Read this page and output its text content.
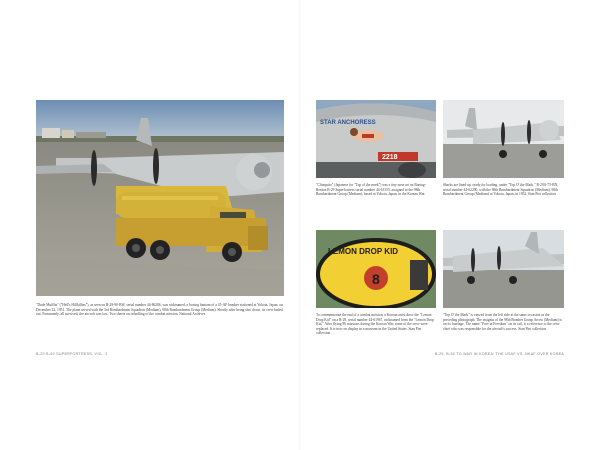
"Dude Mufflin" ("Hell's Hillbillies"), as seen on B-29-90-BW, serial number 44-86286, was nicknamed, a boxing bantam of a 45-AF bomber stationed at Yokota, Japan, on December 22, 1951. The plane served with the 3rd Bombardment Squadron (Medium), 98th Bombardment Group (Medium). Shortly after being shot down, its crew bailed out. Fortunately, all survived; the aircraft was lost. Two sheets on refuelling of the combat mission. National Archives

B-29 B-50 SUPERFORTRESS, VOL. 2
STAR ANCHORESS
2218

"Chinquito" (Japanese for "Top of the mark") was a tiny nose art on Boeing-Renton B-29 Superfortress serial number 44-61335, assigned to the 98th Bombardment Group (Medium), based at Yokota, Japan, in the Korean War.

Sharks are lined up, ready for loading, under "Top O' the Mark," B-29A-75-BN, serial number 44-62290, with the 98th Bombardment Squadron (Medium), 98th Bombardment Group (Medium) at Yokota, Japan, in 1952. Stan Piet collection

LEMON DROP KID
8

To commemorate the end of a combat mission, a Korean artist drew the "Lemon Drop Kid" on a B-29, serial number 44-61967, nicknamed from the "Lemon Drop Kid." After flying 96 missions during the Korean War, some of the crew were replaced. It is now on display in a museum in the United States. Stan Piet collection

"Top O' the Mark" is viewed from the left side at the same occasion as the preceding photograph. The insignia of the 98th Bomber Group Arrow (Medium) is on its fuselage. The name "Fore in Freedom" on its tail, is a reference to the crew chief who was responsible for the aircraft's success. Stan Piet collection

B-29, B-50 TO WAR IN KOREA: THE USAF VS. NKAF OVER KOREA
